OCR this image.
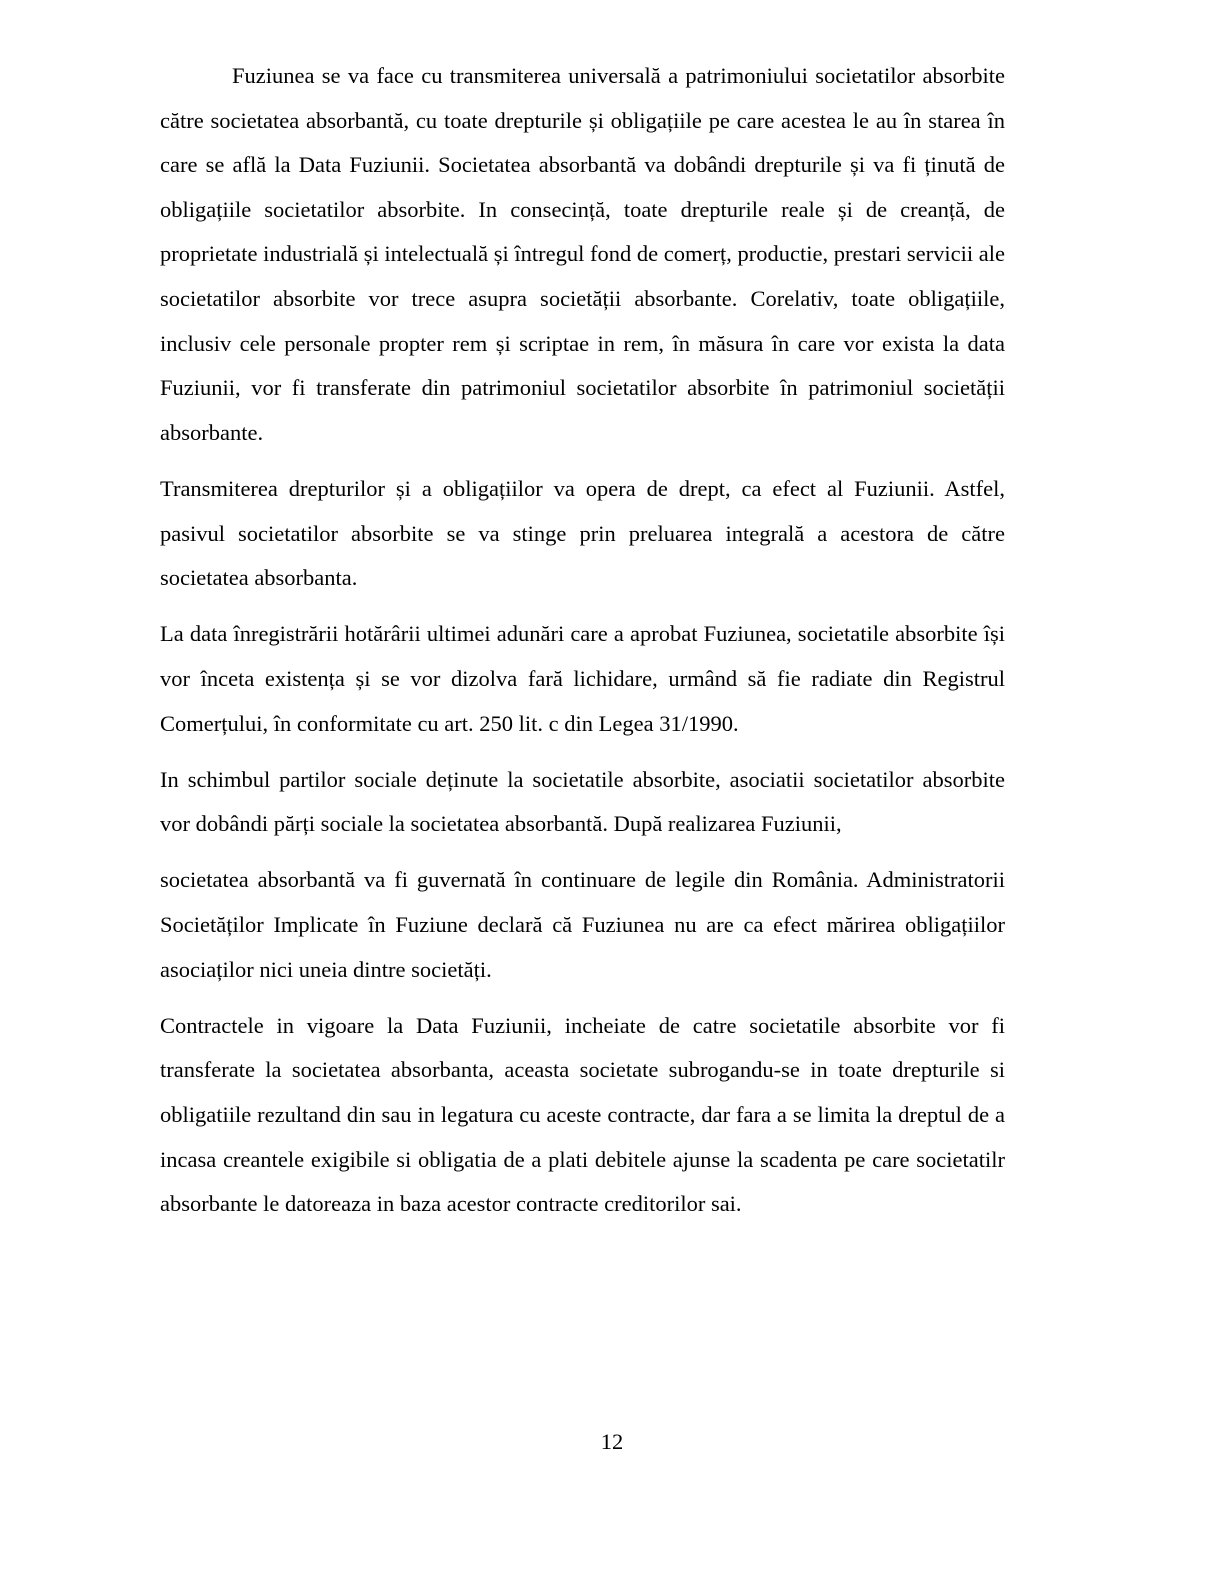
Fuziunea se va face cu transmiterea universală a patrimoniului societatilor absorbite către societatea absorbantă, cu toate drepturile și obligațiile pe care acestea le au în starea în care se află la Data Fuziunii. Societatea absorbantă va dobândi drepturile și va fi ținută de obligațiile societatilor absorbite. In consecință, toate drepturile reale și de creanță, de proprietate industrială și intelectuală și întregul fond de comerț, productie, prestari servicii ale societatilor absorbite vor trece asupra societății absorbante. Corelativ, toate obligațiile, inclusiv cele personale propter rem și scriptae in rem, în măsura în care vor exista la data Fuziunii, vor fi transferate din patrimoniul societatilor absorbite în patrimoniul societății absorbante.

Transmiterea drepturilor și a obligațiilor va opera de drept, ca efect al Fuziunii. Astfel, pasivul societatilor absorbite se va stinge prin preluarea integrală a acestora de către societatea absorbanta.

La data înregistrării hotărârii ultimei adunări care a aprobat Fuziunea, societatile absorbite își vor înceta existența și se vor dizolva fară lichidare, urmând să fie radiate din Registrul Comerțului, în conformitate cu art. 250 lit. c din Legea 31/1990.

In schimbul partilor sociale deținute la societatile absorbite, asociatii societatilor absorbite vor dobândi părți sociale la societatea absorbantă. După realizarea Fuziunii,

societatea absorbantă va fi guvernată în continuare de legile din România. Administratorii Societăților Implicate în Fuziune declară că Fuziunea nu are ca efect mărirea obligațiilor asociaților nici uneia dintre societăți.

Contractele in vigoare la Data Fuziunii, incheiate de catre societatile absorbite vor fi transferate la societatea absorbanta, aceasta societate subrogandu-se in toate drepturile si obligatiile rezultand din sau in legatura cu aceste contracte, dar fara a se limita la dreptul de a incasa creantele exigibile si obligatia de a plati debitele ajunse la scadenta pe care societatilr absorbante le datoreaza in baza acestor contracte creditorilor sai.

12
